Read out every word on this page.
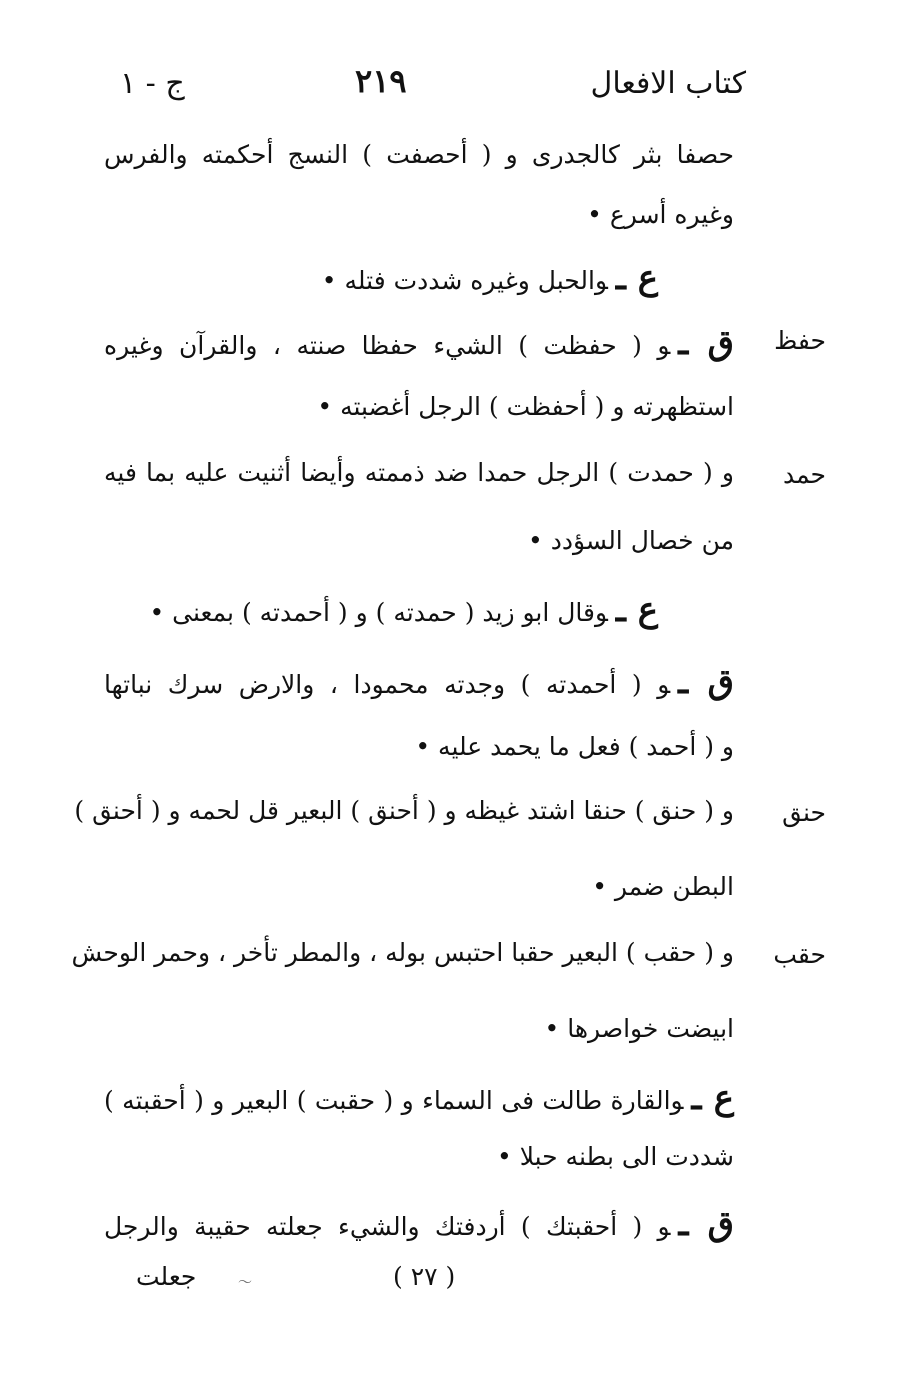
كتاب الافعال
٢١٩
ج - ١
حصفا بثر كالجدرى و ( أحصفت ) النسج أحكمته والفرس
وغيره أسرع •
ع ـوالحبل وغيره شددت فتله •
حفظ
ق ـو ( حفظت ) الشيء حفظا صنته ، والقرآن وغيره
استظهرته و ( أحفظت ) الرجل أغضبته •
حمد
و ( حمدت ) الرجل حمدا ضد ذممته وأيضا أثنيت عليه بما فيه
من خصال السؤدد •
ع ـوقال ابو زيد ( حمدته ) و ( أحمدته ) بمعنى •
ق ـو ( أحمدته ) وجدته محمودا ، والارض سرك نباتها
و ( أحمد ) فعل ما يحمد عليه •
حنق
و ( حنق ) حنقا اشتد غيظه و ( أحنق ) البعير قل لحمه و ( أحنق )
البطن ضمر •
حقب
و ( حقب ) البعير حقبا احتبس بوله ، والمطر تأخر ، وحمر الوحش
ابيضت خواصرها •
ع ـوالقارة طالت فى السماء و ( حقبت ) البعير و ( أحقبته )
شددت الى بطنه حبلا •
ق ـو ( أحقبتك ) أردفتك والشيء جعلته حقيبة والرجل
( ٢٧ )
〜
جعلت
